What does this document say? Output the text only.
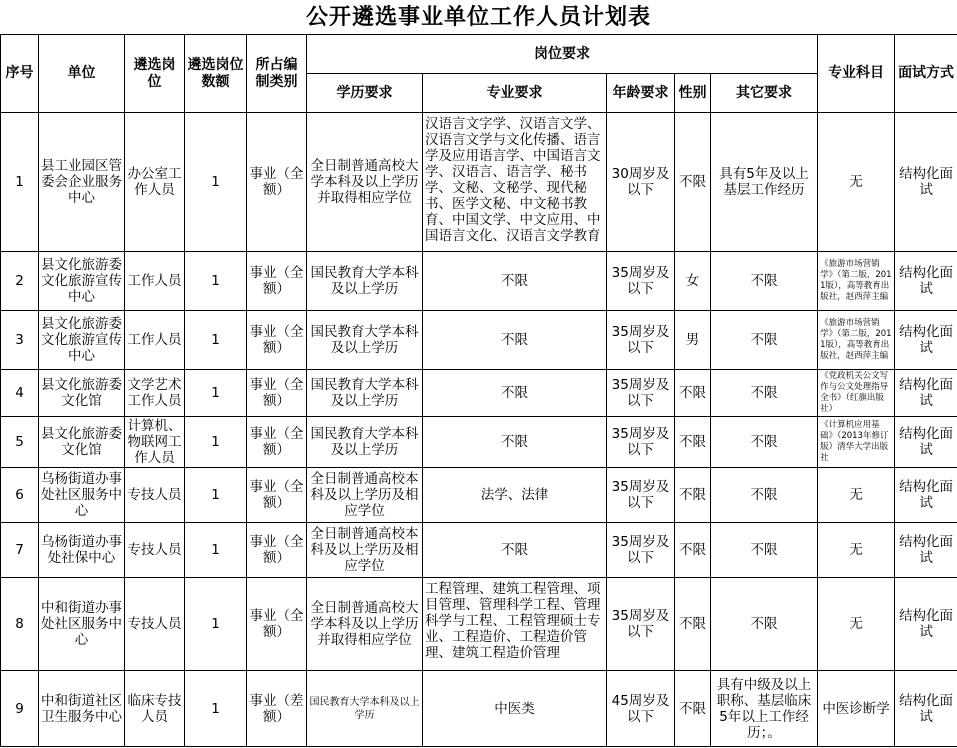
公开遴选事业单位工作人员计划表
序号	单位	遴选岗位	遴选岗位数额	所占编制类别	岗位要求					专业科目	面试方式
					学历要求	专业要求	年龄要求	性别	其它要求		
1	县工业园区管委会企业服务中心	办公室工作人员	1	事业（全额）	全日制普通高校大学本科及以上学历并取得相应学位	汉语言文字学、汉语言文学、汉语言文学与文化传播、语言学及应用语言学、中国语言文学、汉语言、语言学、秘书学、文秘、文秘学、现代秘书、医学文秘、中文秘书教育、中国文学、中文应用、中国语言文化、汉语言文学教育	30周岁及以下	不限	具有5年及以上基层工作经历	无	结构化面试
2	县文化旅游委文化旅游宣传中心	工作人员	1	事业（全额）	国民教育大学本科及以上学历	不限	35周岁及以下	女	不限	《旅游市场营销学》（第二版，2011版），高等教育出版社，赵西萍主编	结构化面试
3	县文化旅游委文化旅游宣传中心	工作人员	1	事业（全额）	国民教育大学本科及以上学历	不限	35周岁及以下	男	不限	《旅游市场营销学》（第二版，2011版），高等教育出版社，赵西萍主编	结构化面试
4	县文化旅游委文化馆	文学艺术工作人员	1	事业（全额）	国民教育大学本科及以上学历	不限	35周岁及以下	不限	不限	《党政机关公文写作与公文处理指导全书》（红旗出版社）	结构化面试
5	县文化旅游委文化馆	计算机、物联网工作人员	1	事业（全额）	国民教育大学本科及以上学历	不限	35周岁及以下	不限	不限	《计算机应用基础》（2013年修订版）清华大学出版社	结构化面试
6	乌杨街道办事处社区服务中心	专技人员	1	事业（全额）	全日制普通高校本科及以上学历及相应学位	法学、法律	35周岁及以下	不限	不限	无	结构化面试
7	乌杨街道办事处社保中心	专技人员	1	事业（全额）	全日制普通高校本科及以上学历及相应学位	不限	35周岁及以下	不限	不限	无	结构化面试
8	中和街道办事处社区服务中心	专技人员	1	事业（全额）	全日制普通高校大学本科及以上学历并取得相应学位	工程管理、建筑工程管理、项目管理、管理科学工程、管理科学与工程、工程管理硕士专业、工程造价、工程造价管理、建筑工程造价管理	35周岁及以下	不限	不限	无	结构化面试
9	中和街道社区卫生服务中心	临床专技人员	1	事业（差额）	国民教育大学本科及以上学历	中医类	45周岁及以下	不限	具有中级及以上职称、基层临床5年以上工作经历；。	中医诊断学	结构化面试
